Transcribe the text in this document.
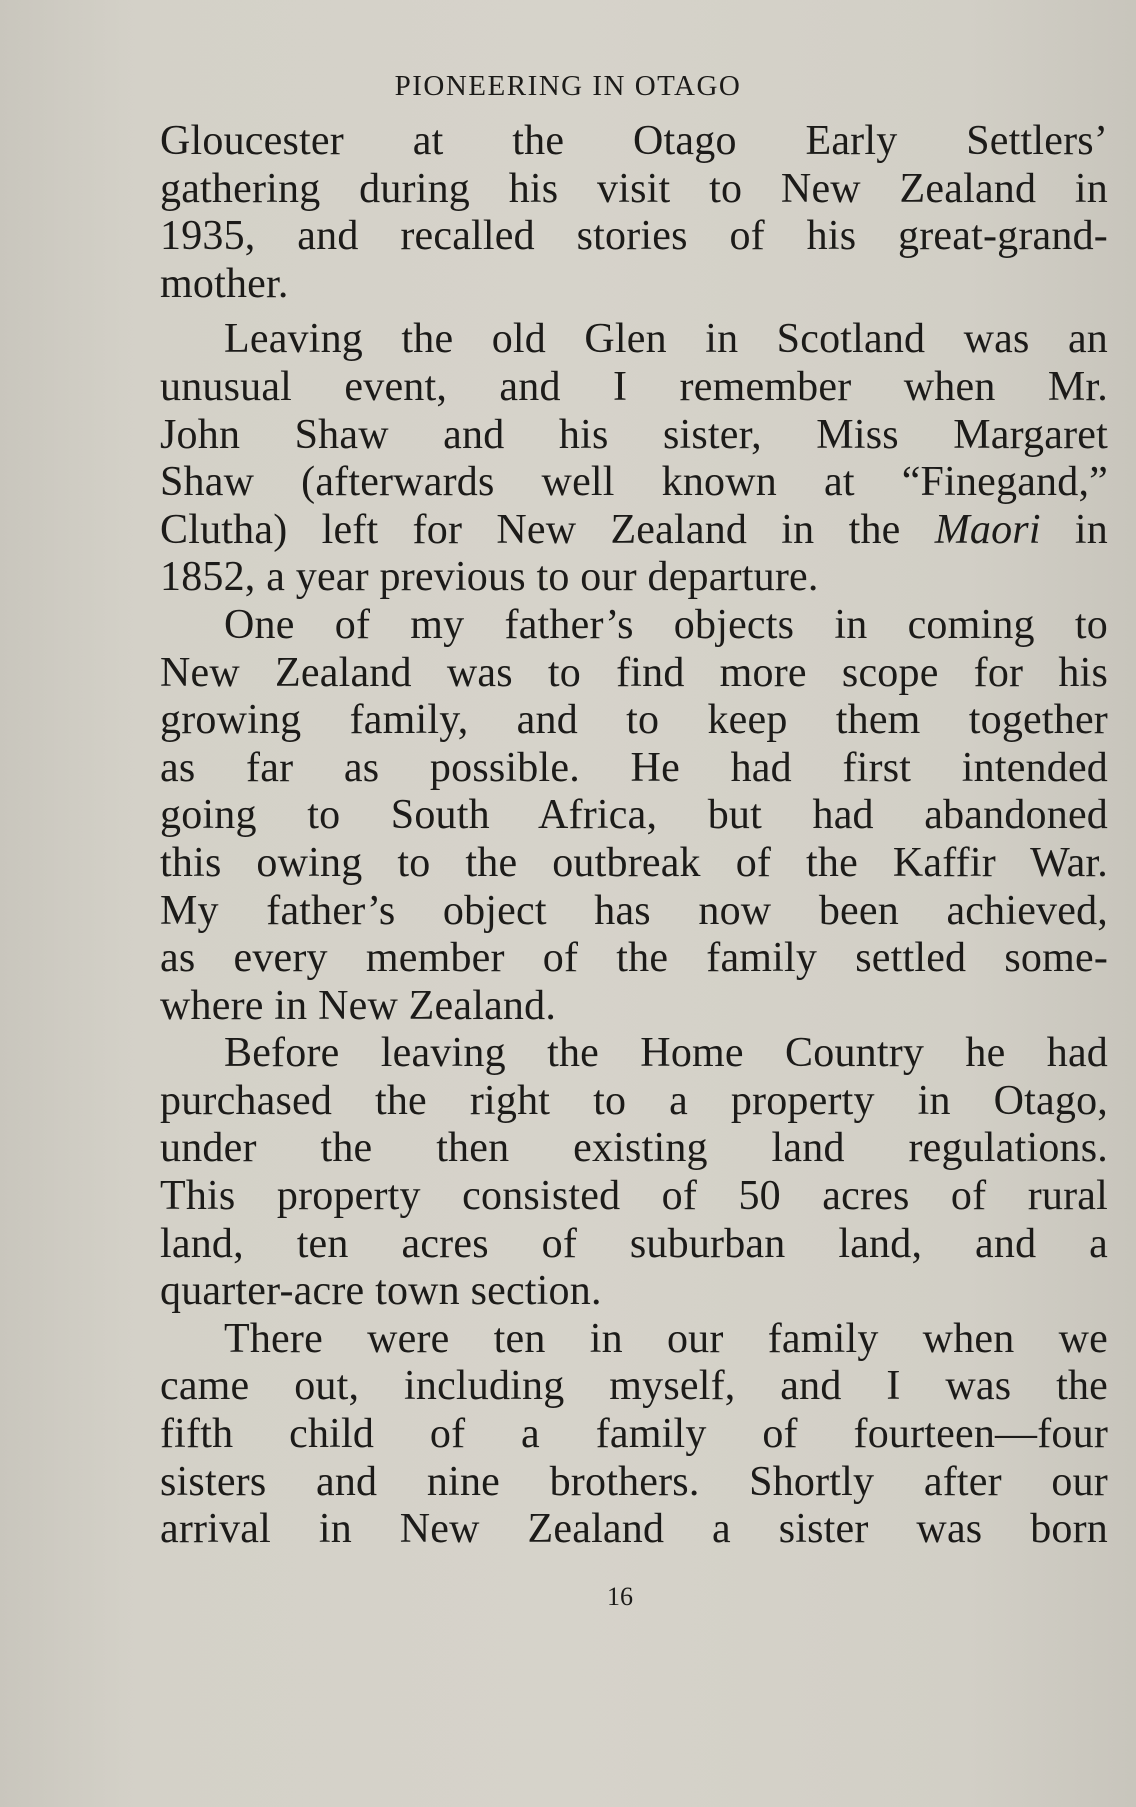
PIONEERING IN OTAGO
Gloucester at the Otago Early Settlers’
gathering during his visit to New Zealand in
1935, and recalled stories of his great-grand-
mother.
Leaving the old Glen in Scotland was an
unusual event, and I remember when Mr.
John Shaw and his sister, Miss Margaret
Shaw (afterwards well known at “Finegand,”
Clutha) left for New Zealand in the Maori in
1852, a year previous to our departure.
One of my father’s objects in coming to
New Zealand was to find more scope for his
growing family, and to keep them together
as far as possible. He had first intended
going to South Africa, but had abandoned
this owing to the outbreak of the Kaffir War.
My father’s object has now been achieved,
as every member of the family settled some-
where in New Zealand.
Before leaving the Home Country he had
purchased the right to a property in Otago,
under the then existing land regulations.
This property consisted of 50 acres of rural
land, ten acres of suburban land, and a
quarter-acre town section.
There were ten in our family when we
came out, including myself, and I was the
fifth child of a family of fourteen—four
sisters and nine brothers. Shortly after our
arrival in New Zealand a sister was born
16
